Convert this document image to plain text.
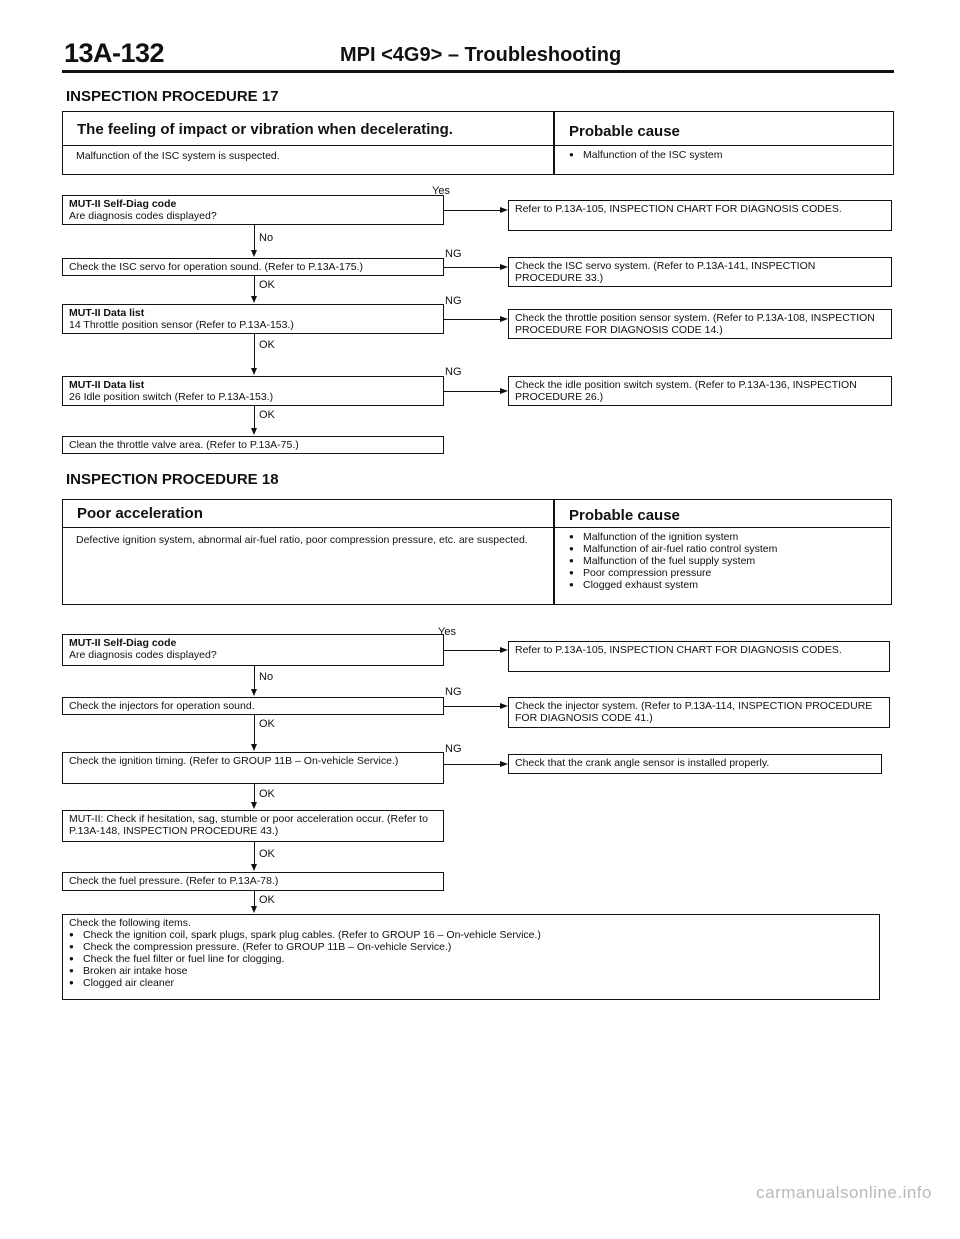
13A-132	MPI <4G9> – Troubleshooting
INSPECTION PROCEDURE 17
The feeling of impact or vibration when decelerating.	Probable cause
Malfunction of the ISC system is suspected.	● Malfunction of the ISC system
MUT-II Self-Diag code
Are diagnosis codes displayed?
Check the ISC servo for operation sound. (Refer to P.13A-175.)
MUT-II Data list
14 Throttle position sensor (Refer to P.13A-153.)
MUT-II Data list
26 Idle position switch (Refer to P.13A-153.)
Clean the throttle valve area. (Refer to P.13A-75.)
Refer to P.13A-105, INSPECTION CHART FOR DIAGNOSIS CODES.
Check the ISC servo system. (Refer to P.13A-141, INSPECTION PROCEDURE 33.)
Check the throttle position sensor system. (Refer to P.13A-108, INSPECTION PROCEDURE FOR DIAGNOSIS CODE 14.)
Check the idle position switch system. (Refer to P.13A-136, INSPECTION PROCEDURE 26.)
Yes
NG
NG
NG
No
OK
OK
OK
INSPECTION PROCEDURE 18
Poor acceleration	Probable cause
Defective ignition system, abnormal air-fuel ratio, poor compression pressure, etc. are suspected.	● Malfunction of the ignition system
● Malfunction of air-fuel ratio control system
● Malfunction of the fuel supply system
● Poor compression pressure
● Clogged exhaust system
MUT-II Self-Diag code
Are diagnosis codes displayed?
Check the injectors for operation sound.
Check the ignition timing. (Refer to GROUP 11B – On-vehicle Service.)
MUT-II: Check if hesitation, sag, stumble or poor acceleration occur. (Refer to P.13A-148, INSPECTION PROCEDURE 43.)
Check the fuel pressure. (Refer to P.13A-78.)
Refer to P.13A-105, INSPECTION CHART FOR DIAGNOSIS CODES.
Check the injector system. (Refer to P.13A-114, INSPECTION PROCEDURE FOR DIAGNOSIS CODE 41.)
Check that the crank angle sensor is installed properly.
Check the following items.
● Check the ignition coil, spark plugs, spark plug cables. (Refer to GROUP 16 – On-vehicle Service.)
● Check the compression pressure. (Refer to GROUP 11B – On-vehicle Service.)
● Check the fuel filter or fuel line for clogging.
● Broken air intake hose
● Clogged air cleaner
Yes
NG
NG
No
OK
OK
OK
OK
carmanualsonline.info
